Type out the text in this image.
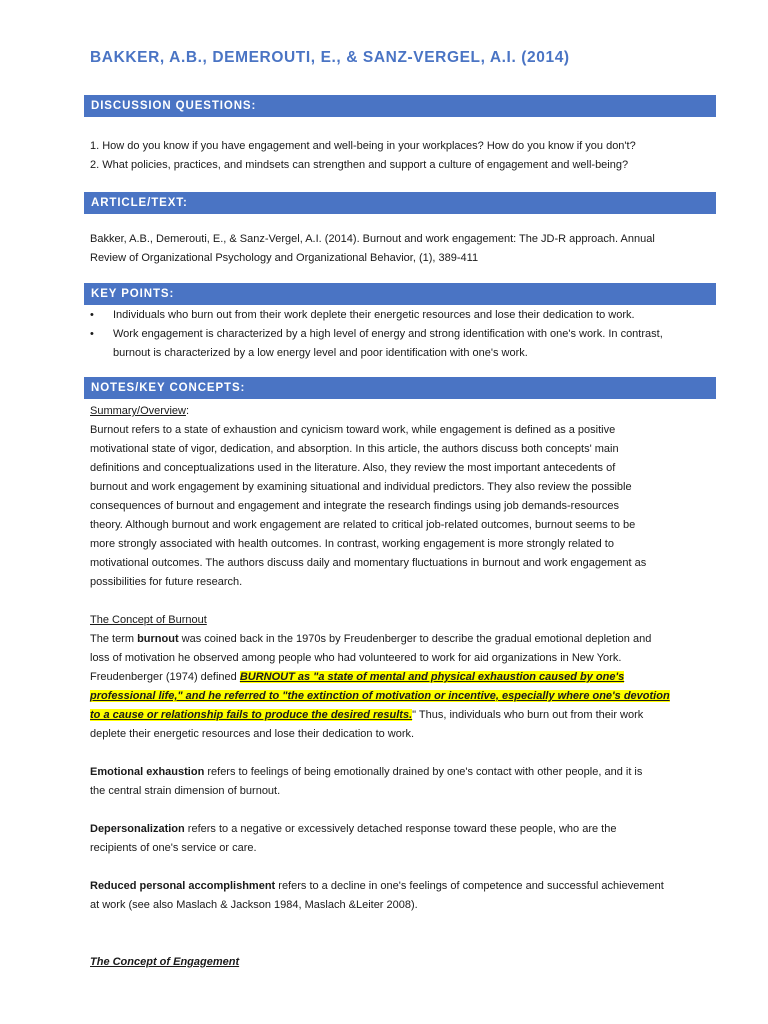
BAKKER, A.B., DEMEROUTI, E., & SANZ-VERGEL, A.I. (2014)
DISCUSSION QUESTIONS:
1. How do you know if you have engagement and well-being in your workplaces? How do you know if you don't?
2. What policies, practices, and mindsets can strengthen and support a culture of engagement and well-being?
ARTICLE/TEXT:
Bakker, A.B., Demerouti, E., & Sanz-Vergel, A.I. (2014). Burnout and work engagement: The JD-R approach. Annual
Review of Organizational Psychology and Organizational Behavior, (1), 389-411
KEY POINTS:
• Individuals who burn out from their work deplete their energetic resources and lose their dedication to work.
• Work engagement is characterized by a high level of energy and strong identification with one's work. In contrast,
burnout is characterized by a low energy level and poor identification with one's work.
NOTES/KEY CONCEPTS:
Summary/Overview:
Burnout refers to a state of exhaustion and cynicism toward work, while engagement is defined as a positive
motivational state of vigor, dedication, and absorption. In this article, the authors discuss both concepts' main
definitions and conceptualizations used in the literature. Also, they review the most important antecedents of
burnout and work engagement by examining situational and individual predictors. They also review the possible
consequences of burnout and engagement and integrate the research findings using job demands-resources
theory. Although burnout and work engagement are related to critical job-related outcomes, burnout seems to be
more strongly associated with health outcomes. In contrast, working engagement is more strongly related to
motivational outcomes. The authors discuss daily and momentary fluctuations in burnout and work engagement as
possibilities for future research.
The Concept of Burnout
The term burnout was coined back in the 1970s by Freudenberger to describe the gradual emotional depletion and
loss of motivation he observed among people who had volunteered to work for aid organizations in New York.
Freudenberger (1974) defined BURNOUT as "a state of mental and physical exhaustion caused by one's
professional life," and he referred to "the extinction of motivation or incentive, especially where one's devotion
to a cause or relationship fails to produce the desired results." Thus, individuals who burn out from their work
deplete their energetic resources and lose their dedication to work.
Emotional exhaustion refers to feelings of being emotionally drained by one's contact with other people, and it is
the central strain dimension of burnout.
Depersonalization refers to a negative or excessively detached response toward these people, who are the
recipients of one's service or care.
Reduced personal accomplishment refers to a decline in one's feelings of competence and successful achievement
at work (see also Maslach & Jackson 1984, Maslach &Leiter 2008).
The Concept of Engagement
